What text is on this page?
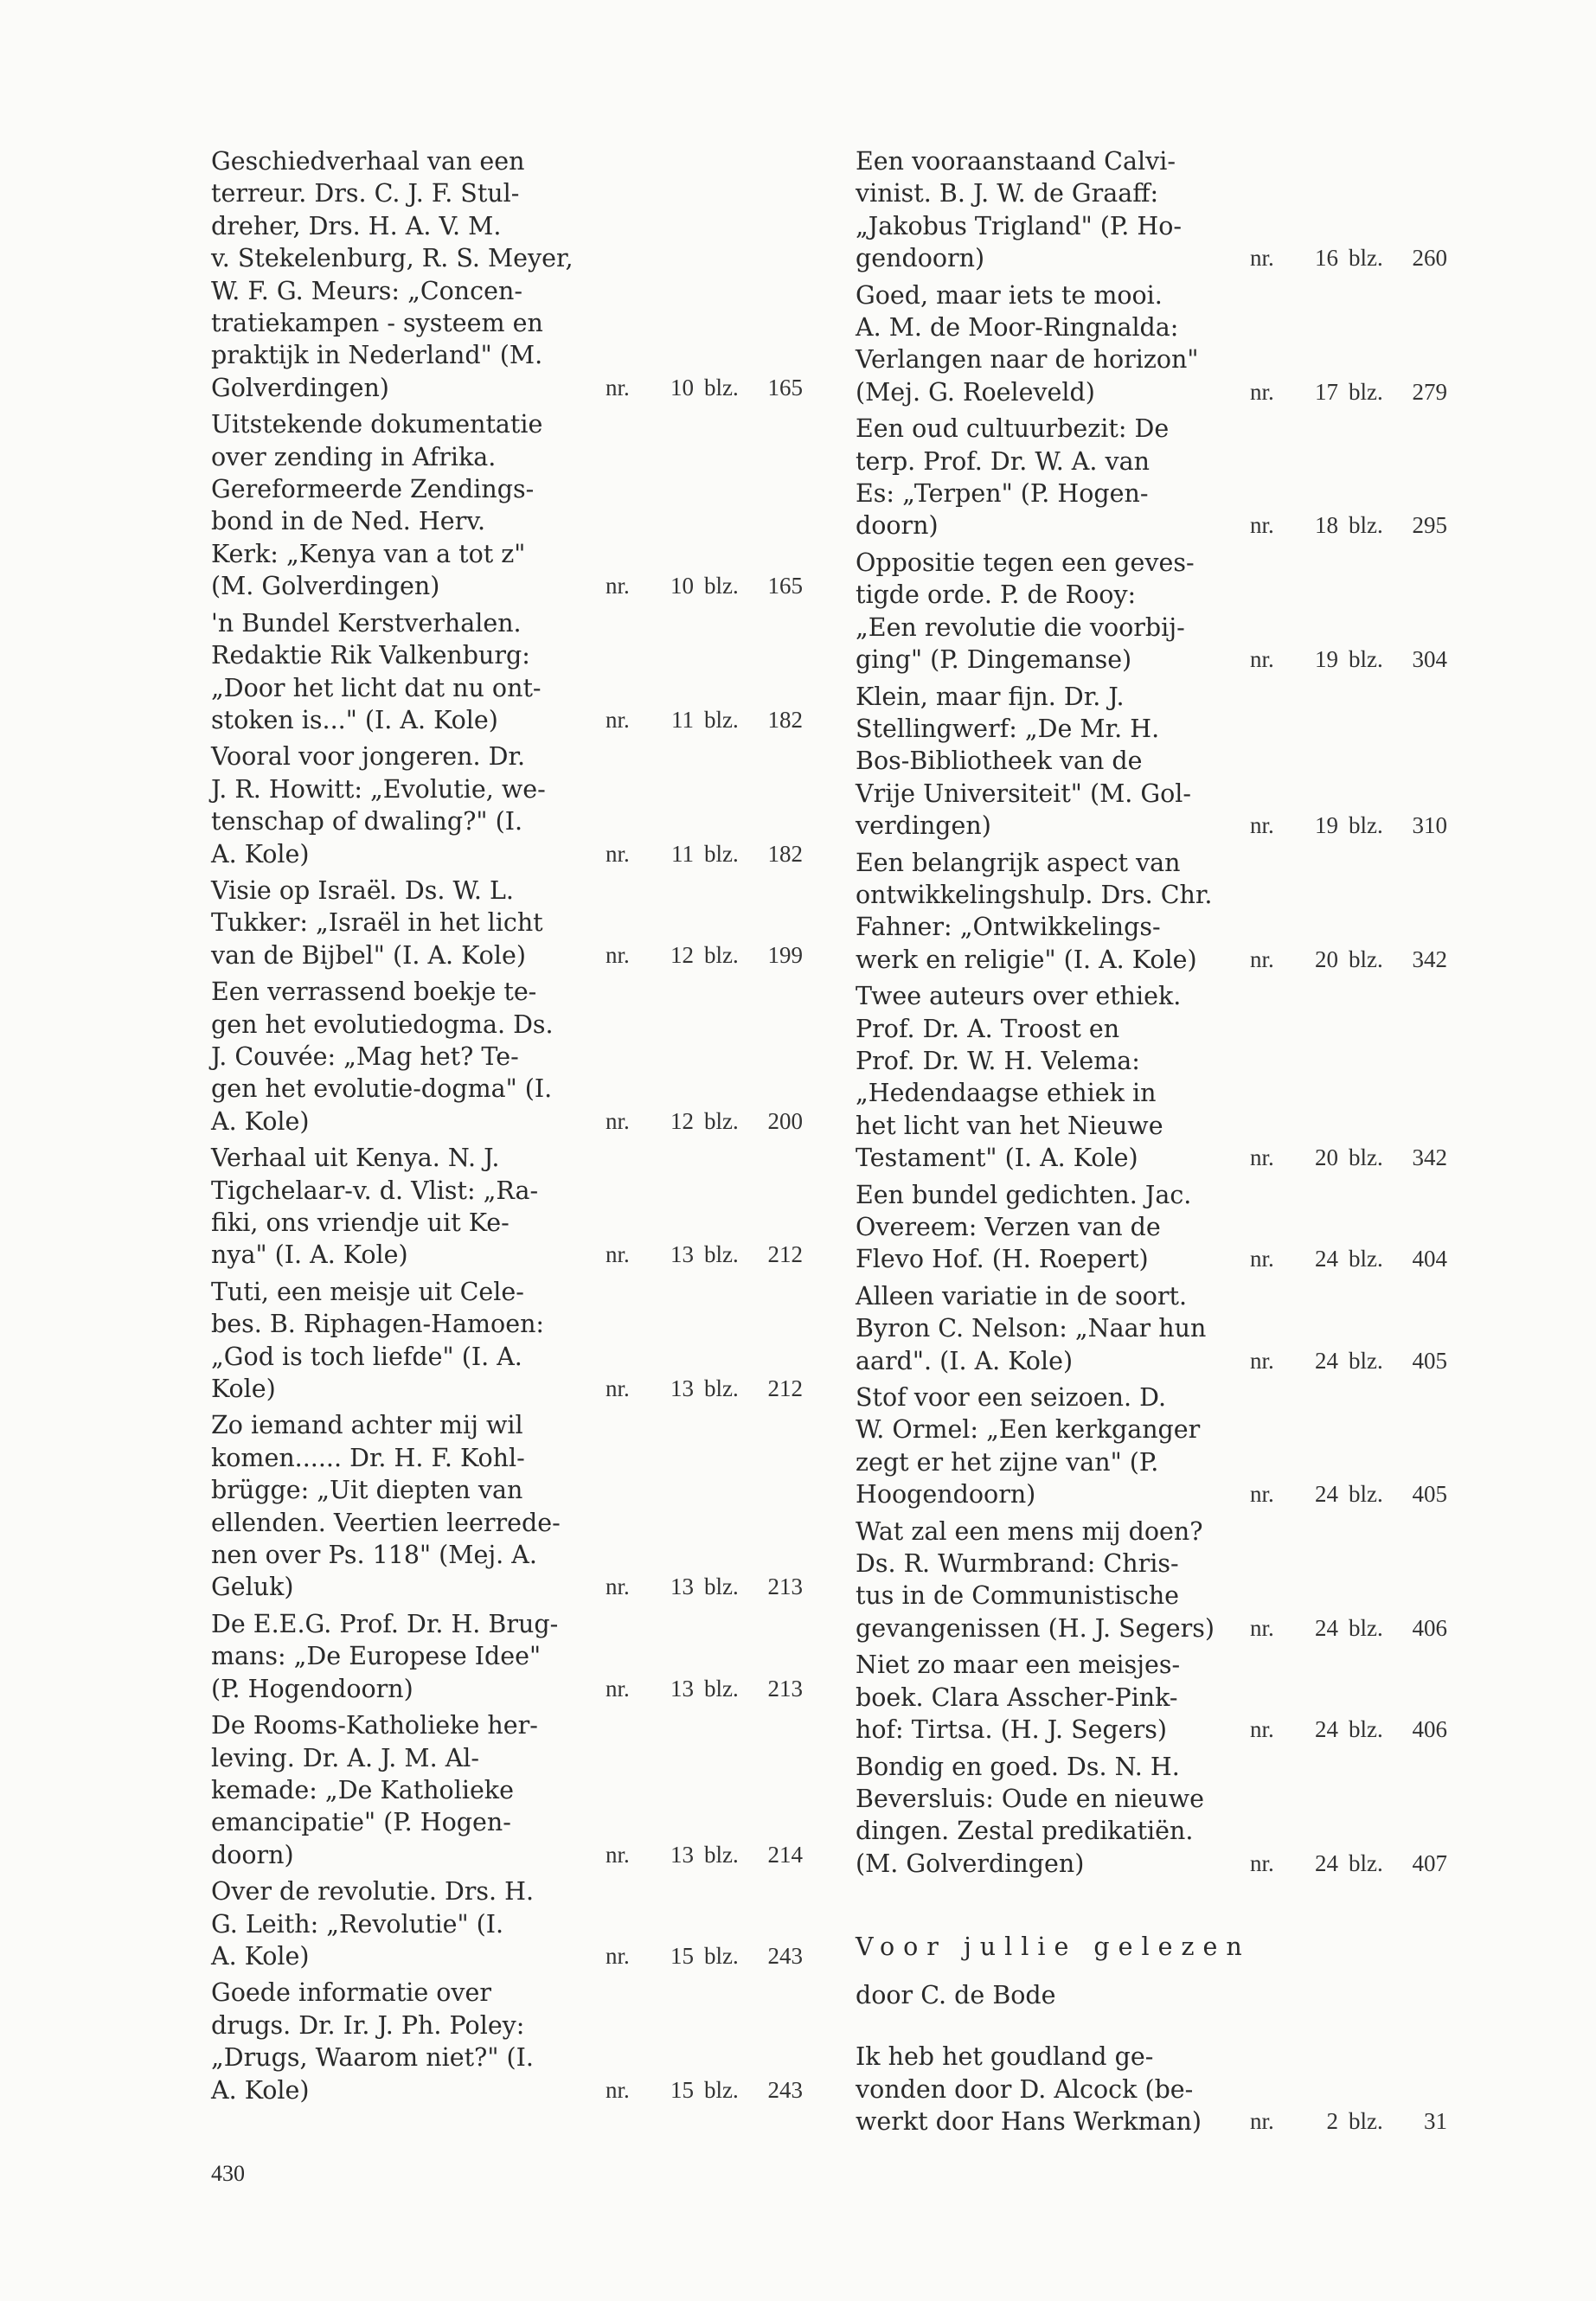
Geschiedverhaal van een
terreur. Drs. C. J. F. Stul-
dreher, Drs. H. A. V. M.
v. Stekelenburg, R. S. Meyer,
W. F. G. Meurs: „Concen-
tratiekampen - systeem en
praktijk in Nederland" (M.
Golverdingen)	nr. 10 blz. 165
Uitstekende dokumentatie
over zending in Afrika.
Gereformeerde Zendings-
bond in de Ned. Herv.
Kerk: „Kenya van a tot z"
(M. Golverdingen)	nr. 10 blz. 165
'n Bundel Kerstverhalen.
Redaktie Rik Valkenburg:
„Door het licht dat nu ont-
stoken is..." (I. A. Kole)	nr. 11 blz. 182
Vooral voor jongeren. Dr.
J. R. Howitt: „Evolutie, we-
tenschap of dwaling?" (I.
A. Kole)	nr. 11 blz. 182
Visie op Israël. Ds. W. L.
Tukker: „Israël in het licht
van de Bijbel" (I. A. Kole)	nr. 12 blz. 199
Een verrassend boekje te-
gen het evolutiedogma. Ds.
J. Couvée: „Mag het? Te-
gen het evolutie-dogma" (I.
A. Kole)	nr. 12 blz. 200
Verhaal uit Kenya. N. J.
Tigchelaar-v. d. Vlist: „Ra-
fiki, ons vriendje uit Ke-
nya" (I. A. Kole)	nr. 13 blz. 212
Tuti, een meisje uit Cele-
bes. B. Riphagen-Hamoen:
„God is toch liefde" (I. A.
Kole)	nr. 13 blz. 212
Zo iemand achter mij wil
komen...... Dr. H. F. Kohl-
brügge: „Uit diepten van
ellenden. Veertien leerrede-
nen over Ps. 118" (Mej. A.
Geluk)	nr. 13 blz. 213
De E.E.G. Prof. Dr. H. Brug-
mans: „De Europese Idee"
(P. Hogendoorn)	nr. 13 blz. 213
De Rooms-Katholieke her-
leving. Dr. A. J. M. Al-
kemade: „De Katholieke
emancipatie" (P. Hogen-
doorn)	nr. 13 blz. 214
Over de revolutie. Drs. H.
G. Leith: „Revolutie" (I.
A. Kole)	nr. 15 blz. 243
Goede informatie over
drugs. Dr. Ir. J. Ph. Poley:
„Drugs, Waarom niet?" (I.
A. Kole)	nr. 15 blz. 243
Een vooraanstaand Calvi-
vinist. B. J. W. de Graaff:
„Jakobus Trigland" (P. Ho-
gendoorn)	nr. 16 blz. 260
Goed, maar iets te mooi.
A. M. de Moor-Ringnalda:
Verlangen naar de horizon"
(Mej. G. Roeleveld)	nr. 17 blz. 279
Een oud cultuurbezit: De
terp. Prof. Dr. W. A. van
Es: „Terpen" (P. Hogen-
doorn)	nr. 18 blz. 295
Oppositie tegen een geves-
tigde orde. P. de Rooy:
„Een revolutie die voorbij-
ging" (P. Dingemanse)	nr. 19 blz. 304
Klein, maar fijn. Dr. J.
Stellingwerf: „De Mr. H.
Bos-Bibliotheek van de
Vrije Universiteit" (M. Gol-
verdingen)	nr. 19 blz. 310
Een belangrijk aspect van
ontwikkelingshulp. Drs. Chr.
Fahner: „Ontwikkelings-
werk en religie" (I. A. Kole)	nr. 20 blz. 342
Twee auteurs over ethiek.
Prof. Dr. A. Troost en
Prof. Dr. W. H. Velema:
„Hedendaagse ethiek in
het licht van het Nieuwe
Testament" (I. A. Kole)	nr. 20 blz. 342
Een bundel gedichten. Jac.
Overeem: Verzen van de
Flevo Hof. (H. Roepert)	nr. 24 blz. 404
Alleen variatie in de soort.
Byron C. Nelson: „Naar hun
aard". (I. A. Kole)	nr. 24 blz. 405
Stof voor een seizoen. D.
W. Ormel: „Een kerkganger
zegt er het zijne van" (P.
Hoogendoorn)	nr. 24 blz. 405
Wat zal een mens mij doen?
Ds. R. Wurmbrand: Chris-
tus in de Communistische
gevangenissen (H. J. Segers)	nr. 24 blz. 406
Niet zo maar een meisjes-
boek. Clara Asscher-Pink-
hof: Tirtsa. (H. J. Segers)	nr. 24 blz. 406
Bondig en goed. Ds. N. H.
Beversluis: Oude en nieuwe
dingen. Zestal predikatiën.
(M. Golverdingen)	nr. 24 blz. 407
Voor jullie gelezen
door C. de Bode
Ik heb het goudland ge-
vonden door D. Alcock (be-
werkt door Hans Werkman)	nr. 2 blz. 31
430
